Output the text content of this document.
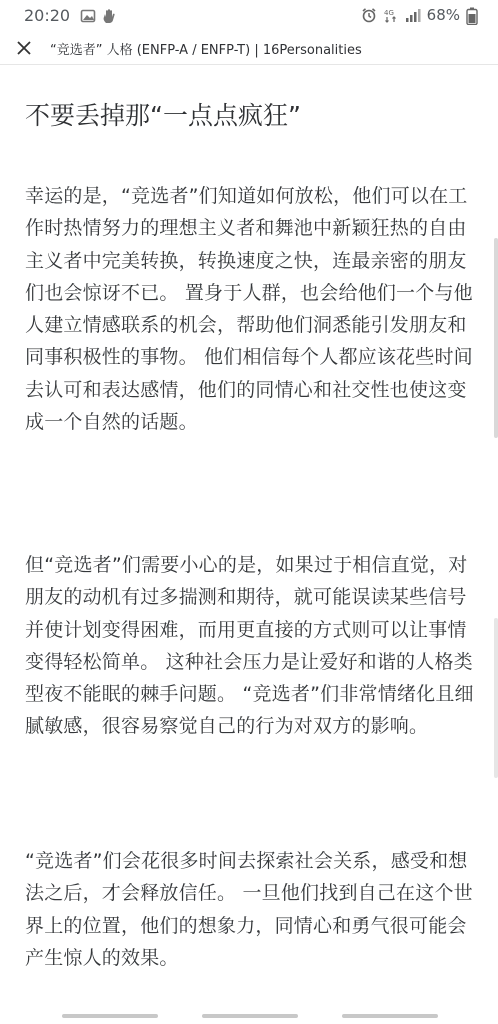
20:20	4G 68%
“竞选者” 人格 (ENFP-A / ENFP-T) | 16Personalities
不要丢掉那“一点点疯狂”

幸运的是，“竞选者”们知道如何放松，他们可以在工作时热情努力的理想主义者和舞池中新颖狂热的自由主义者中完美转换，转换速度之快，连最亲密的朋友们也会惊讶不已。 置身于人群，也会给他们一个与他人建立情感联系的机会，帮助他们洞悉能引发朋友和同事积极性的事物。 他们相信每个人都应该花些时间去认可和表达感情，他们的同情心和社交性也使这变成一个自然的话题。

但“竞选者”们需要小心的是，如果过于相信直觉，对朋友的动机有过多揣测和期待，就可能误读某些信号并使计划变得困难，而用更直接的方式则可以让事情变得轻松简单。 这种社会压力是让爱好和谐的人格类型夜不能眠的棘手问题。 “竞选者”们非常情绪化且细腻敏感，很容易察觉自己的行为对双方的影响。

“竞选者”们会花很多时间去探索社会关系，感受和想法之后，才会释放信任。 一旦他们找到自己在这个世界上的位置，他们的想象力，同情心和勇气很可能会产生惊人的效果。
